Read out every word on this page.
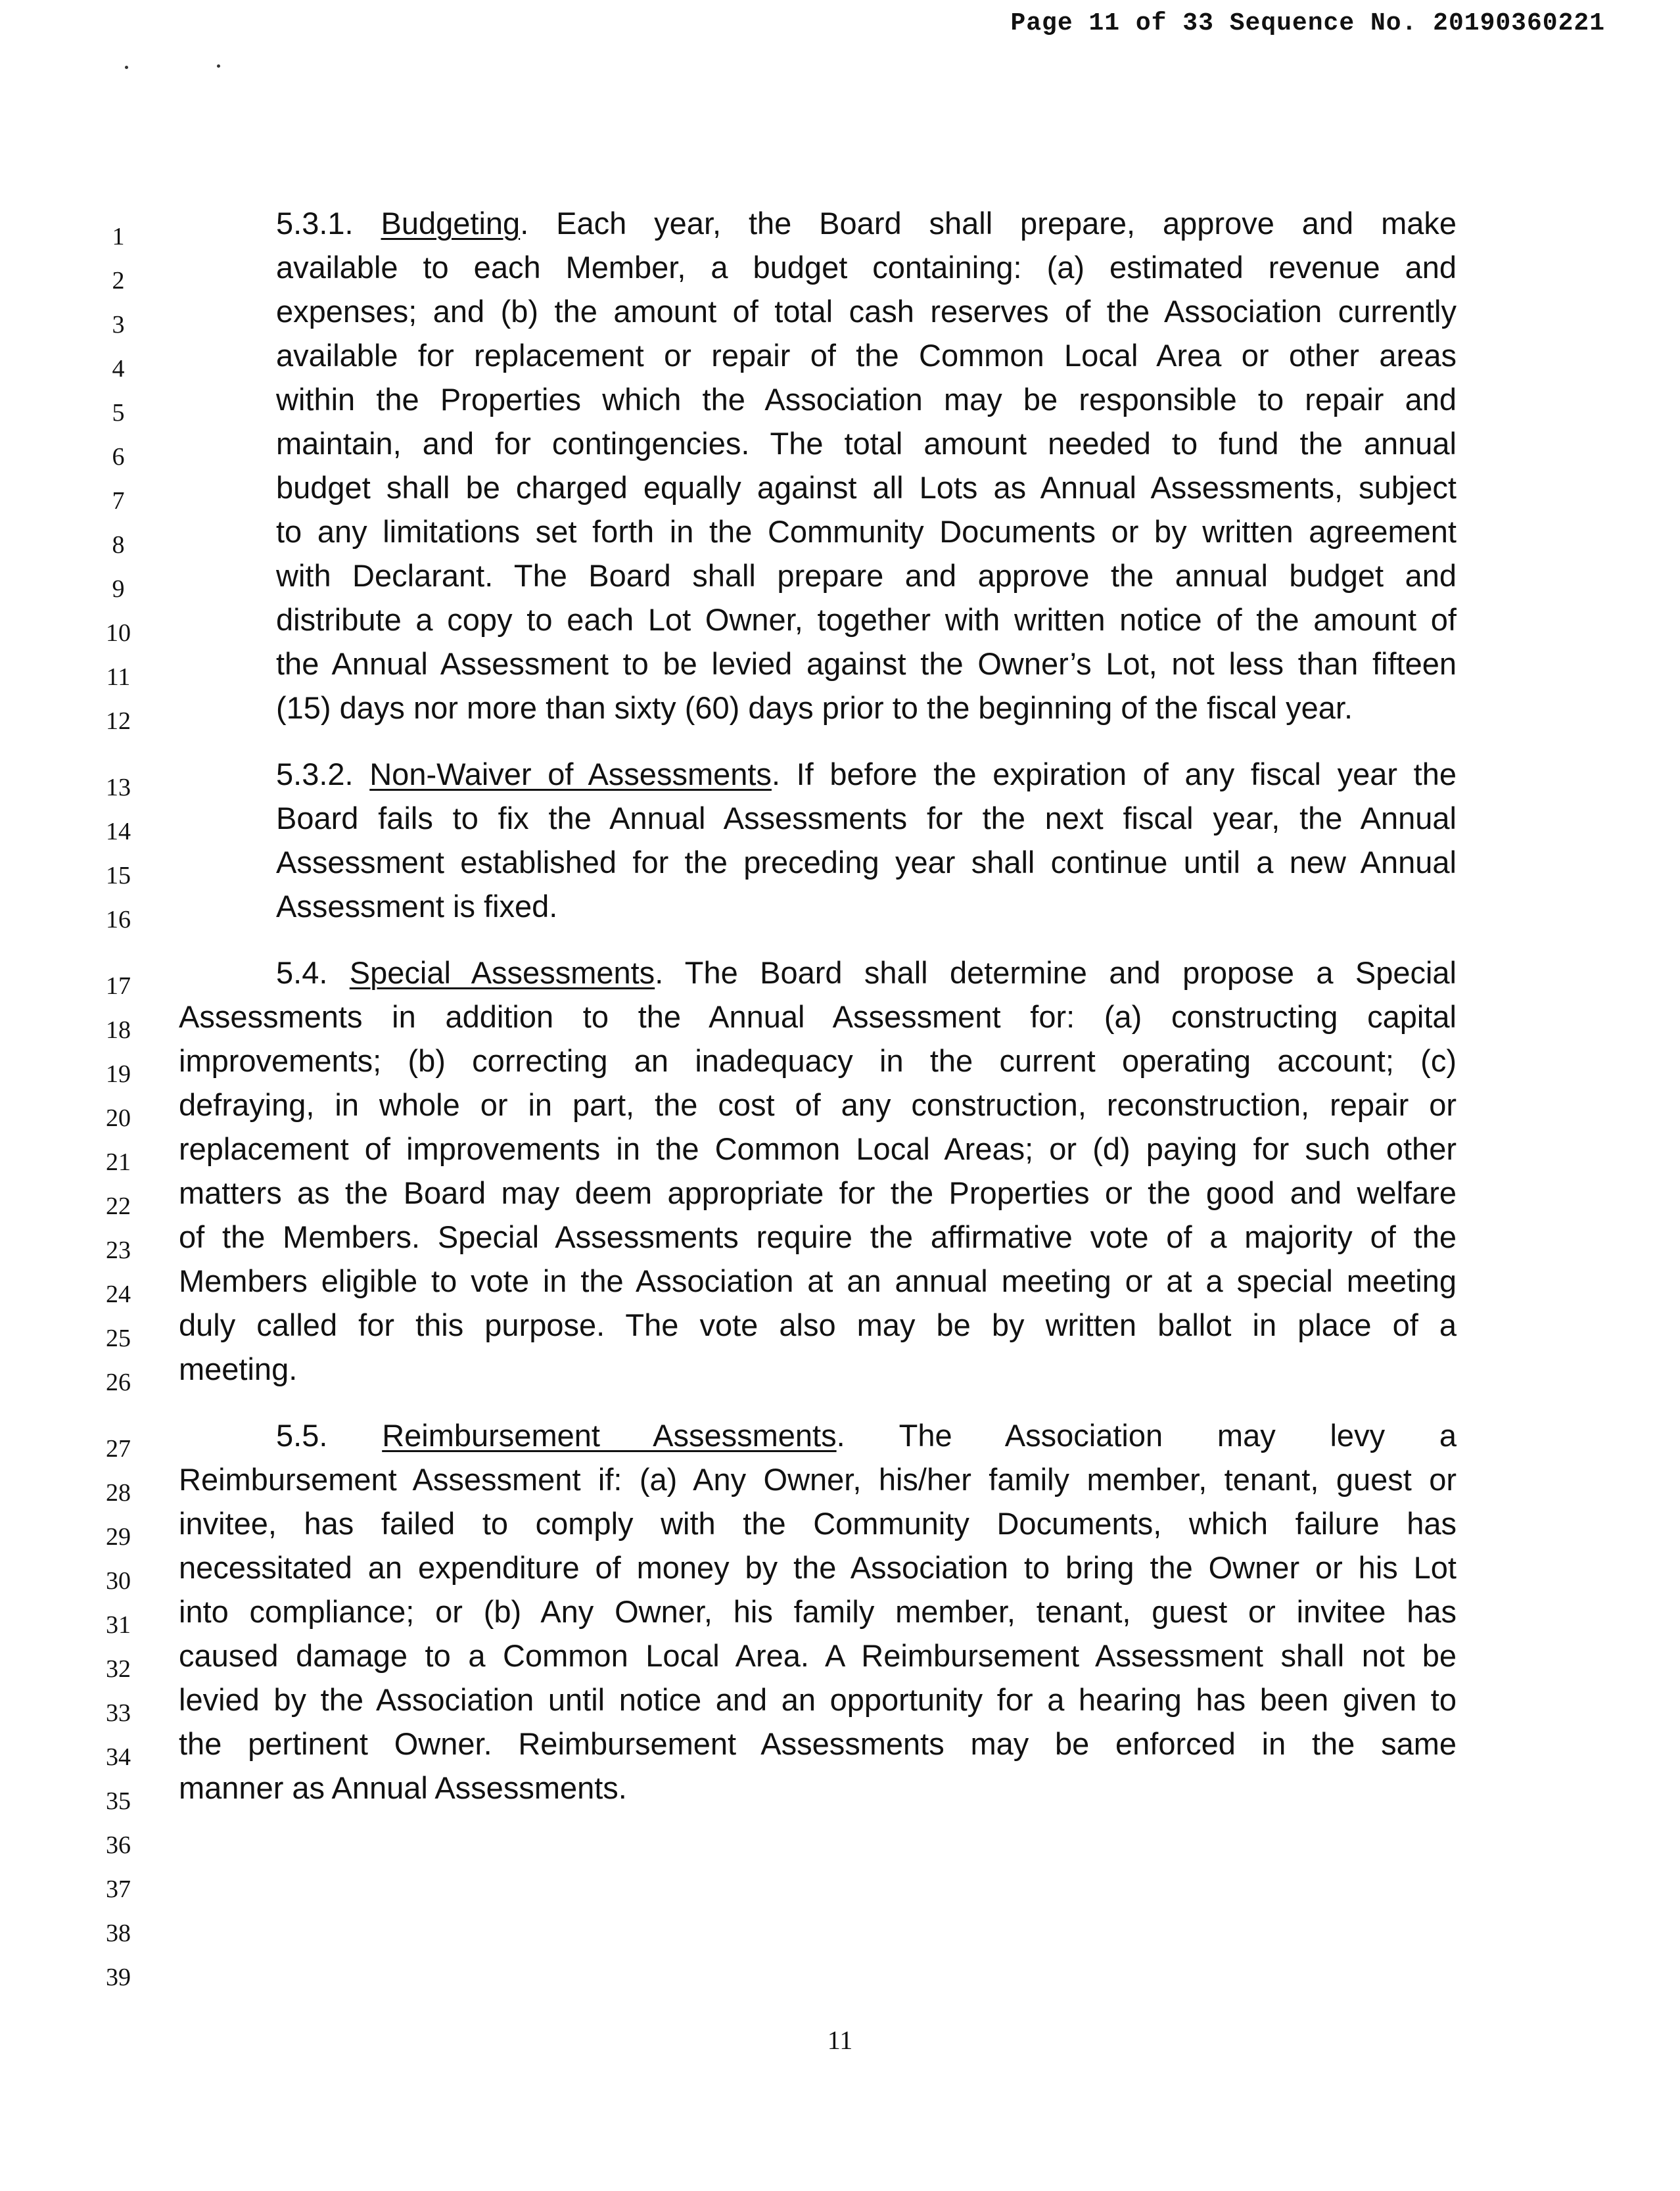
Page 11 of 33 Sequence No. 20190360221
1
2
3
4
5
6
7
8
9
10
11
12
13
14
15
16
17
18
19
20
21
22
23
24
25
26
27
28
29
30
31
32
33
34
35
36
37
38
39
5.3.1. Budgeting. Each year, the Board shall prepare, approve and make
available to each Member, a budget containing: (a) estimated revenue and
expenses; and (b) the amount of total cash reserves of the Association currently
available for replacement or repair of the Common Local Area or other areas
within the Properties which the Association may be responsible to repair and
maintain, and for contingencies. The total amount needed to fund the annual
budget shall be charged equally against all Lots as Annual Assessments, subject
to any limitations set forth in the Community Documents or by written agreement
with Declarant. The Board shall prepare and approve the annual budget and
distribute a copy to each Lot Owner, together with written notice of the amount of
the Annual Assessment to be levied against the Owner’s Lot, not less than fifteen
(15) days nor more than sixty (60) days prior to the beginning of the fiscal year.
5.3.2. Non-Waiver of Assessments. If before the expiration of any fiscal year the
Board fails to fix the Annual Assessments for the next fiscal year, the Annual
Assessment established for the preceding year shall continue until a new Annual
Assessment is fixed.
5.4. Special Assessments. The Board shall determine and propose a Special
Assessments in addition to the Annual Assessment for: (a) constructing capital
improvements; (b) correcting an inadequacy in the current operating account; (c)
defraying, in whole or in part, the cost of any construction, reconstruction, repair or
replacement of improvements in the Common Local Areas; or (d) paying for such other
matters as the Board may deem appropriate for the Properties or the good and welfare
of the Members. Special Assessments require the affirmative vote of a majority of the
Members eligible to vote in the Association at an annual meeting or at a special meeting
duly called for this purpose. The vote also may be by written ballot in place of a
meeting.
5.5. Reimbursement Assessments. The Association may levy a
Reimbursement Assessment if: (a) Any Owner, his/her family member, tenant, guest or
invitee, has failed to comply with the Community Documents, which failure has
necessitated an expenditure of money by the Association to bring the Owner or his Lot
into compliance; or (b) Any Owner, his family member, tenant, guest or invitee has
caused damage to a Common Local Area. A Reimbursement Assessment shall not be
levied by the Association until notice and an opportunity for a hearing has been given to
the pertinent Owner. Reimbursement Assessments may be enforced in the same
manner as Annual Assessments.
11
